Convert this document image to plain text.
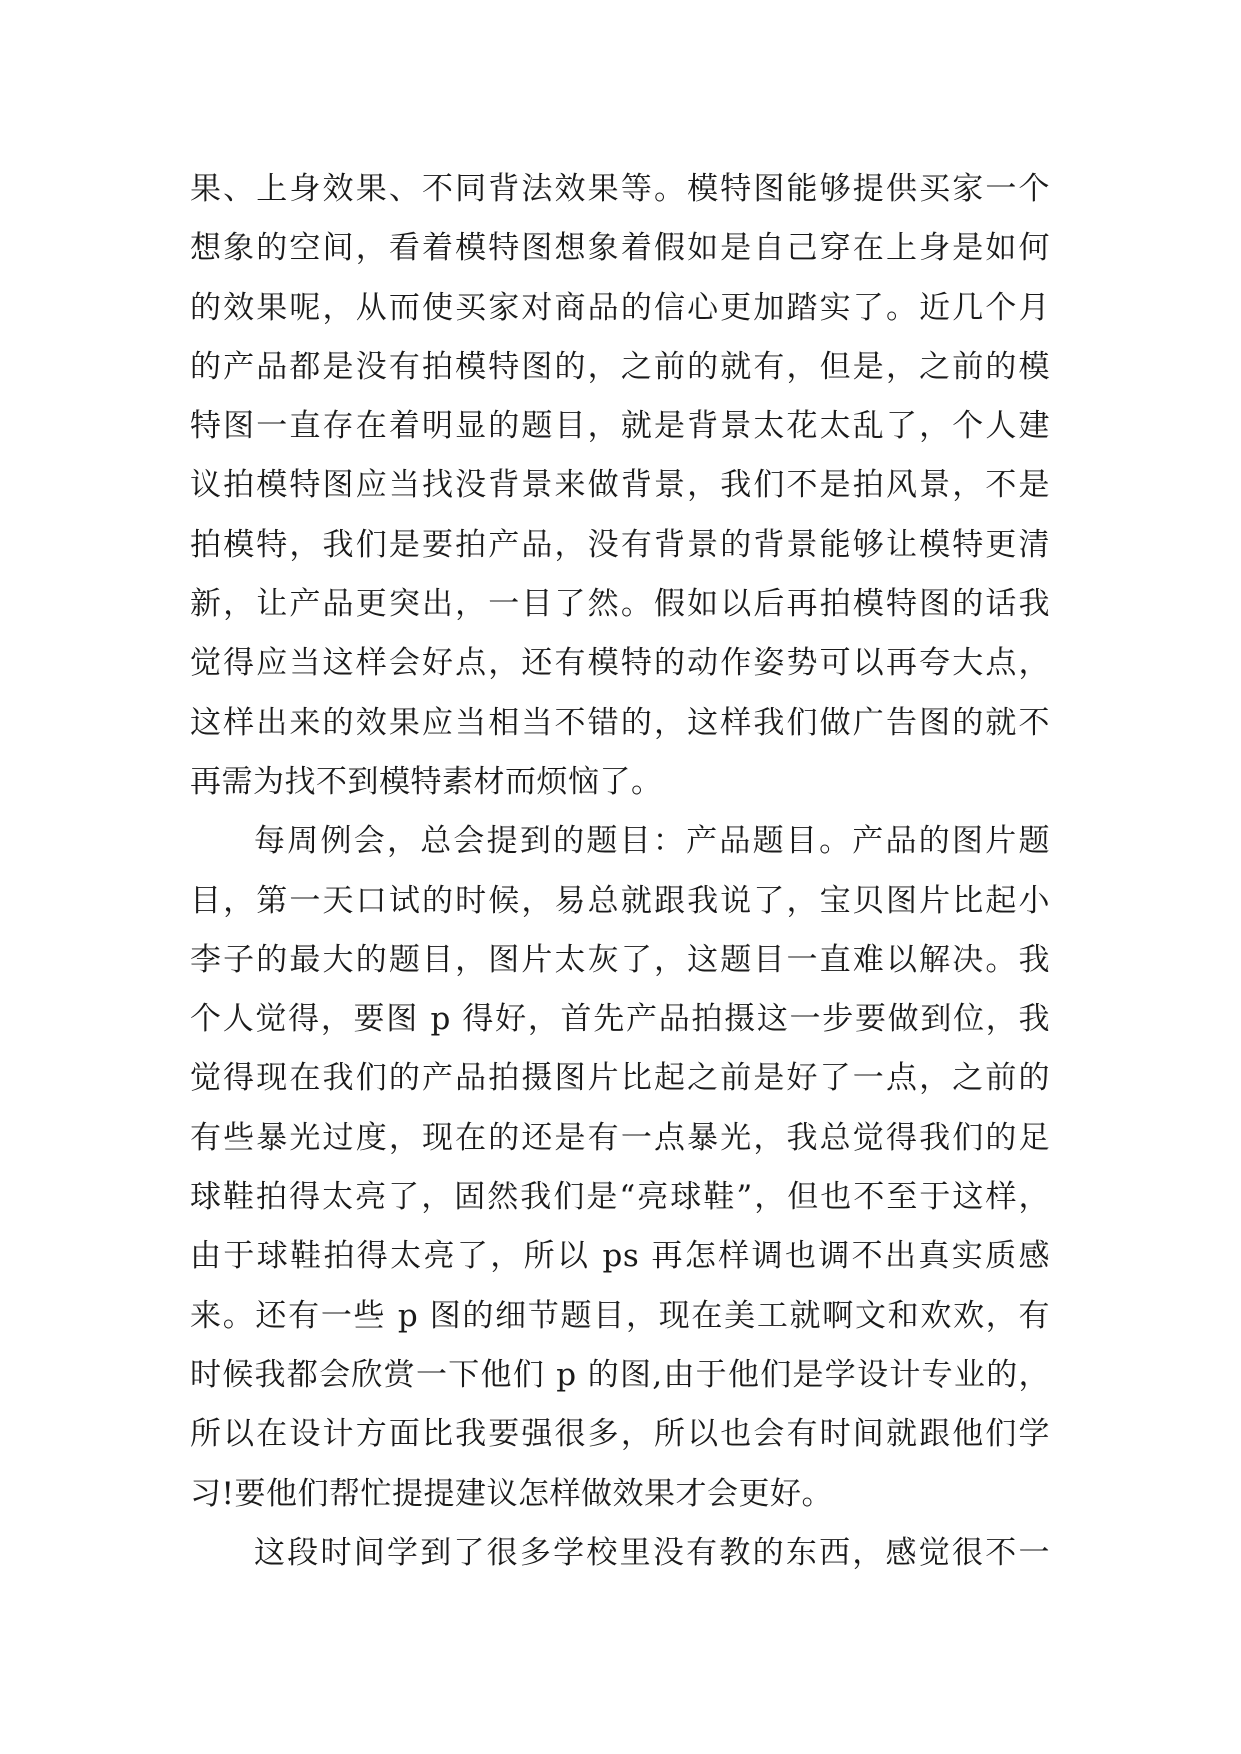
果、上身效果、不同背法效果等。模特图能够提供买家一个
想象的空间，看着模特图想象着假如是自己穿在上身是如何
的效果呢，从而使买家对商品的信心更加踏实了。近几个月
的产品都是没有拍模特图的，之前的就有，但是，之前的模
特图一直存在着明显的题目，就是背景太花太乱了，个人建
议拍模特图应当找没背景来做背景，我们不是拍风景，不是
拍模特，我们是要拍产品，没有背景的背景能够让模特更清
新，让产品更突出，一目了然。假如以后再拍模特图的话我
觉得应当这样会好点，还有模特的动作姿势可以再夸大点，
这样出来的效果应当相当不错的，这样我们做广告图的就不
再需为找不到模特素材而烦恼了。
每周例会，总会提到的题目：产品题目。产品的图片题
目，第一天口试的时候，易总就跟我说了，宝贝图片比起小
李子的最大的题目，图片太灰了，这题目一直难以解决。我
个人觉得，要图 p 得好，首先产品拍摄这一步要做到位，我
觉得现在我们的产品拍摄图片比起之前是好了一点，之前的
有些暴光过度，现在的还是有一点暴光，我总觉得我们的足
球鞋拍得太亮了，固然我们是“亮球鞋”，但也不至于这样，
由于球鞋拍得太亮了，所以 ps 再怎样调也调不出真实质感
来。还有一些 p 图的细节题目，现在美工就啊文和欢欢，有
时候我都会欣赏一下他们 p 的图,由于他们是学设计专业的，
所以在设计方面比我要强很多，所以也会有时间就跟他们学
习!要他们帮忙提提建议怎样做效果才会更好。
这段时间学到了很多学校里没有教的东西，感觉很不一
